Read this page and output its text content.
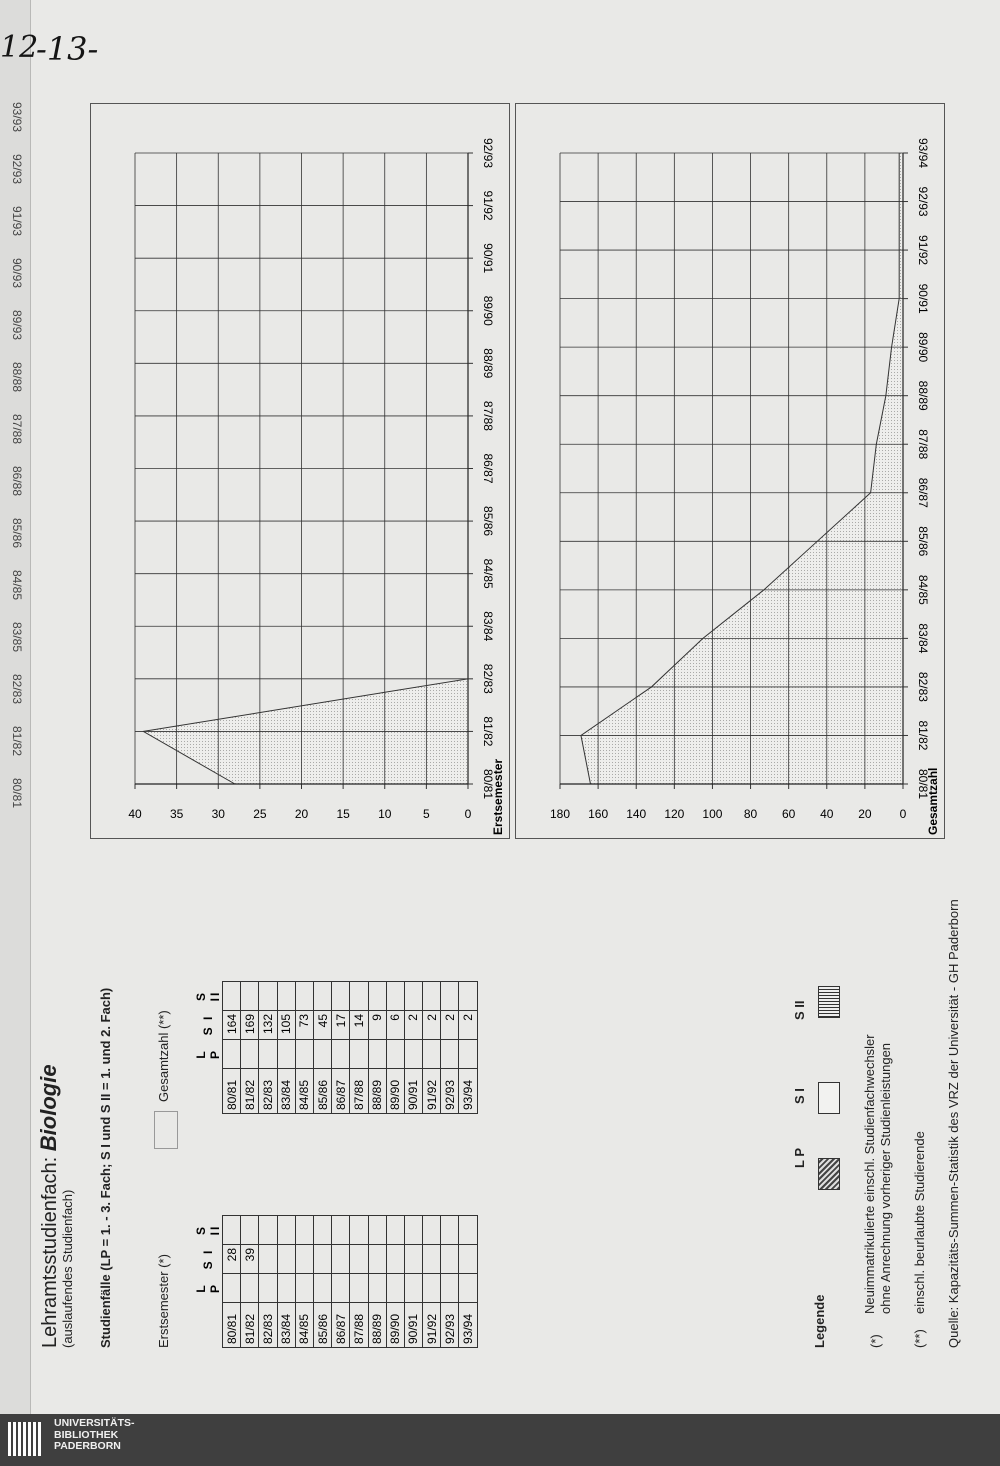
93/93
92/93
91/93
90/93
89/93
88/88
87/88
86/88
85/86
84/85
83/85
82/83
81/82
80/81
12
-13-
Lehramtsstudienfach: Biologie
(auslaufendes Studienfach) Studienfälle (LP = 1. - 3. Fach; S I und S II = 1. und 2. Fach)	Erstsemester (*)
Gesamtzahl (**)
	L P	S I	S II
80/81		28	
81/82		39	
82/83			
83/84			
84/85			
85/86			
86/87			
87/88			
88/89			
89/90			
90/91			
91/92			
92/93			
93/94			
	L P	S I	S II
80/81		164	
81/82		169	
82/83		132	
83/84		105	
84/85		73	
85/86		45	
86/87		17	
87/88		14	
88/89		9	
89/90		6	
90/91		2	
91/92		2	
92/93		2	
93/94		2	
Legende
L P
S I
S II
(*)
Neuimmatrikulierte einschl. Studienfachwechsler ohne Anrechnung vorheriger Studienleistungen
(**)
einschl. beurlaubte Studierende Quelle: Kapazitäts-Summen-Statistik des VRZ der Universität - GH Paderborn
Erstsemester
0
5
10
15
20
25
30
35
40
80/81
81/82
82/83
83/84
84/85
85/86
86/87
87/88
88/89
89/90
90/91
91/92
92/93
Gesamtzahl
0
20
40
60
80
100
120
140
160
180
80/81
81/82
82/83
83/84
84/85
85/86
86/87
87/88
88/89
89/90
90/91
91/92
92/93
93/94
UNIVERSITÄTS-
BIBLIOTHEK
PADERBORN
